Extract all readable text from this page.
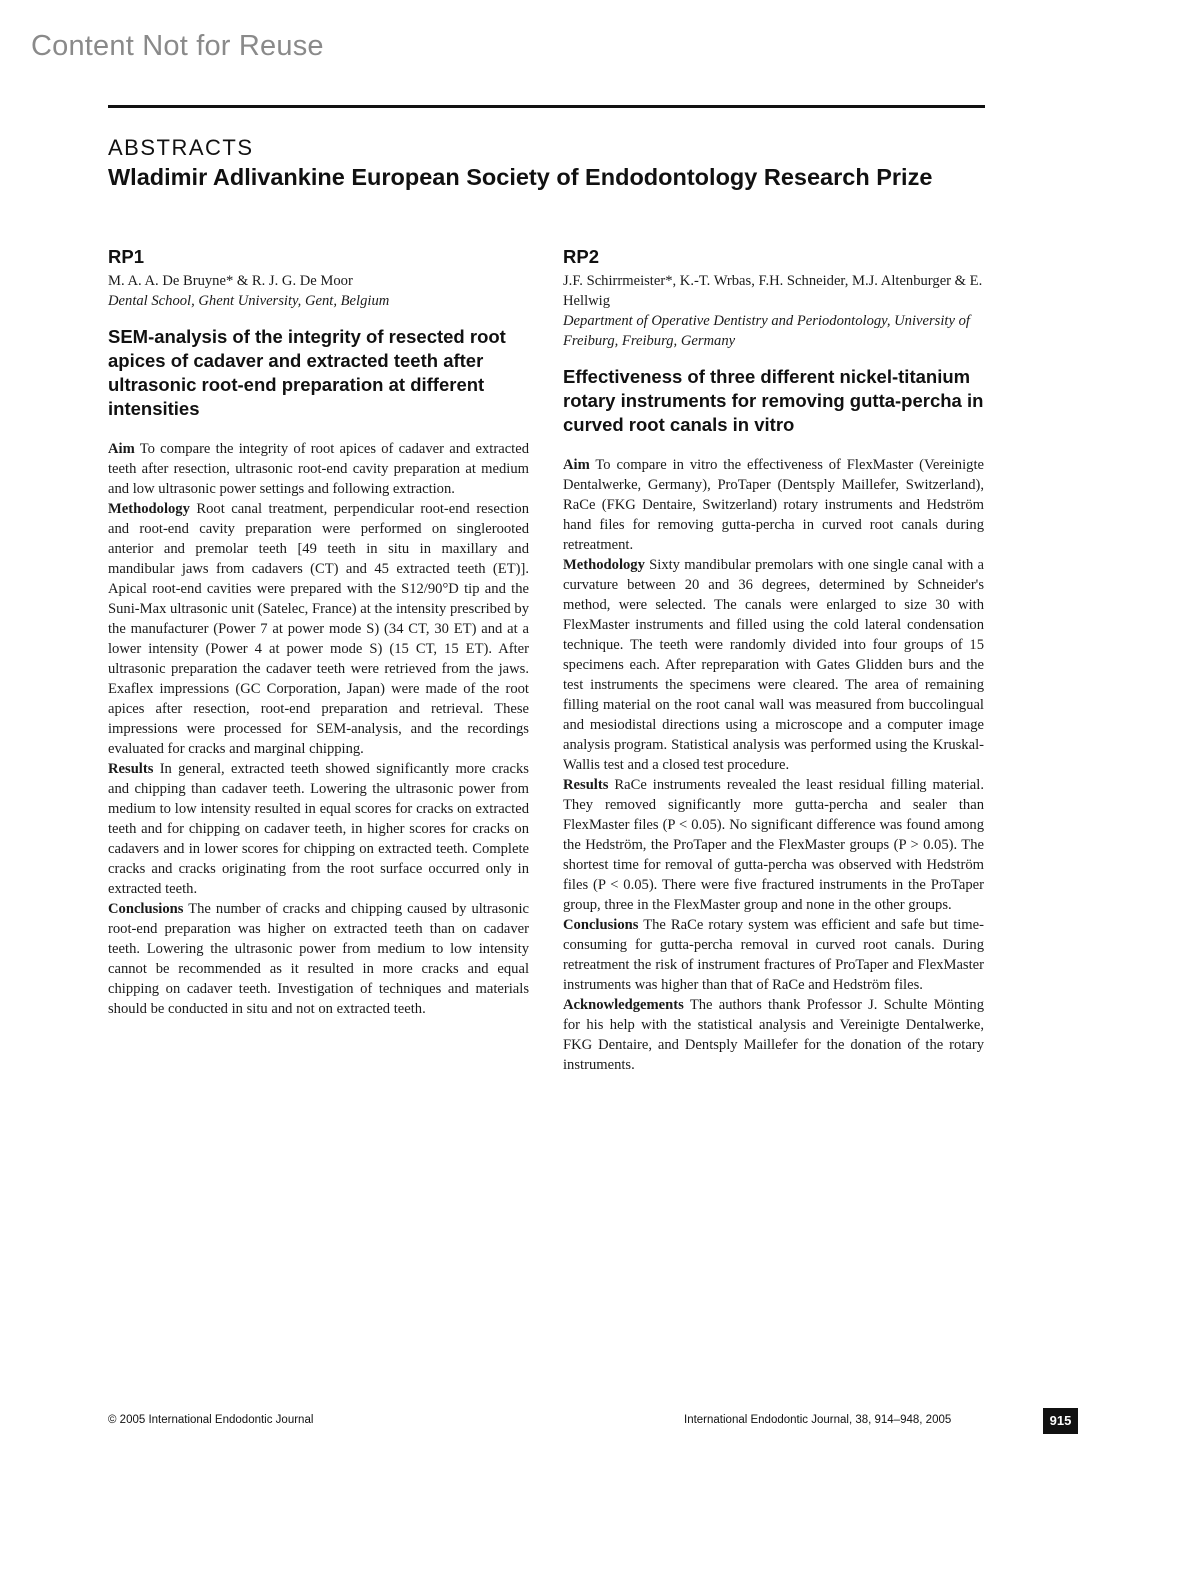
Content Not for Reuse
ABSTRACTS
Wladimir Adlivankine European Society of Endodontology Research Prize
RP1
M. A. A. De Bruyne* & R. J. G. De Moor
Dental School, Ghent University, Gent, Belgium
SEM-analysis of the integrity of resected root apices of cadaver and extracted teeth after ultrasonic root-end preparation at different intensities

Aim To compare the integrity of root apices of cadaver and extracted teeth after resection, ultrasonic root-end cavity preparation at medium and low ultrasonic power settings and following extraction.

Methodology Root canal treatment, perpendicular root-end resection and root-end cavity preparation were performed on singlerooted anterior and premolar teeth [49 teeth in situ in maxillary and mandibular jaws from cadavers (CT) and 45 extracted teeth (ET)]. Apical root-end cavities were prepared with the S12/90°D tip and the Suni-Max ultrasonic unit (Satelec, France) at the intensity prescribed by the manufacturer (Power 7 at power mode S) (34 CT, 30 ET) and at a lower intensity (Power 4 at power mode S) (15 CT, 15 ET). After ultrasonic preparation the cadaver teeth were retrieved from the jaws. Exaflex impressions (GC Corporation, Japan) were made of the root apices after resection, root-end preparation and retrieval. These impressions were processed for SEM-analysis, and the recordings evaluated for cracks and marginal chipping.

Results In general, extracted teeth showed significantly more cracks and chipping than cadaver teeth. Lowering the ultrasonic power from medium to low intensity resulted in equal scores for cracks on extracted teeth and for chipping on cadaver teeth, in higher scores for cracks on cadavers and in lower scores for chipping on extracted teeth. Complete cracks and cracks originating from the root surface occurred only in extracted teeth.

Conclusions The number of cracks and chipping caused by ultrasonic root-end preparation was higher on extracted teeth than on cadaver teeth. Lowering the ultrasonic power from medium to low intensity cannot be recommended as it resulted in more cracks and equal chipping on cadaver teeth. Investigation of techniques and materials should be conducted in situ and not on extracted teeth.

RP2
J.F. Schirrmeister*, K.-T. Wrbas, F.H. Schneider, M.J. Altenburger & E. Hellwig
Department of Operative Dentistry and Periodontology, University of Freiburg, Freiburg, Germany
Effectiveness of three different nickel-titanium rotary instruments for removing gutta-percha in curved root canals in vitro

Aim To compare in vitro the effectiveness of FlexMaster (Vereinigte Dentalwerke, Germany), ProTaper (Dentsply Maillefer, Switzerland), RaCe (FKG Dentaire, Switzerland) rotary instruments and Hedström hand files for removing gutta-percha in curved root canals during retreatment.

Methodology Sixty mandibular premolars with one single canal with a curvature between 20 and 36 degrees, determined by Schneider's method, were selected. The canals were enlarged to size 30 with FlexMaster instruments and filled using the cold lateral condensation technique. The teeth were randomly divided into four groups of 15 specimens each. After repreparation with Gates Glidden burs and the test instruments the specimens were cleared. The area of remaining filling material on the root canal wall was measured from buccolingual and mesiodistal directions using a microscope and a computer image analysis program. Statistical analysis was performed using the Kruskal-Wallis test and a closed test procedure.

Results RaCe instruments revealed the least residual filling material. They removed significantly more gutta-percha and sealer than FlexMaster files (P < 0.05). No significant difference was found among the Hedström, the ProTaper and the FlexMaster groups (P > 0.05). The shortest time for removal of gutta-percha was observed with Hedström files (P < 0.05). There were five fractured instruments in the ProTaper group, three in the FlexMaster group and none in the other groups.

Conclusions The RaCe rotary system was efficient and safe but time-consuming for gutta-percha removal in curved root canals. During retreatment the risk of instrument fractures of ProTaper and FlexMaster instruments was higher than that of RaCe and Hedström files.

Acknowledgements The authors thank Professor J. Schulte Mönting for his help with the statistical analysis and Vereinigte Dentalwerke, FKG Dentaire, and Dentsply Maillefer for the donation of the rotary instruments.

© 2005 International Endodontic Journal	International Endodontic Journal, 38, 914–948, 2005	915
